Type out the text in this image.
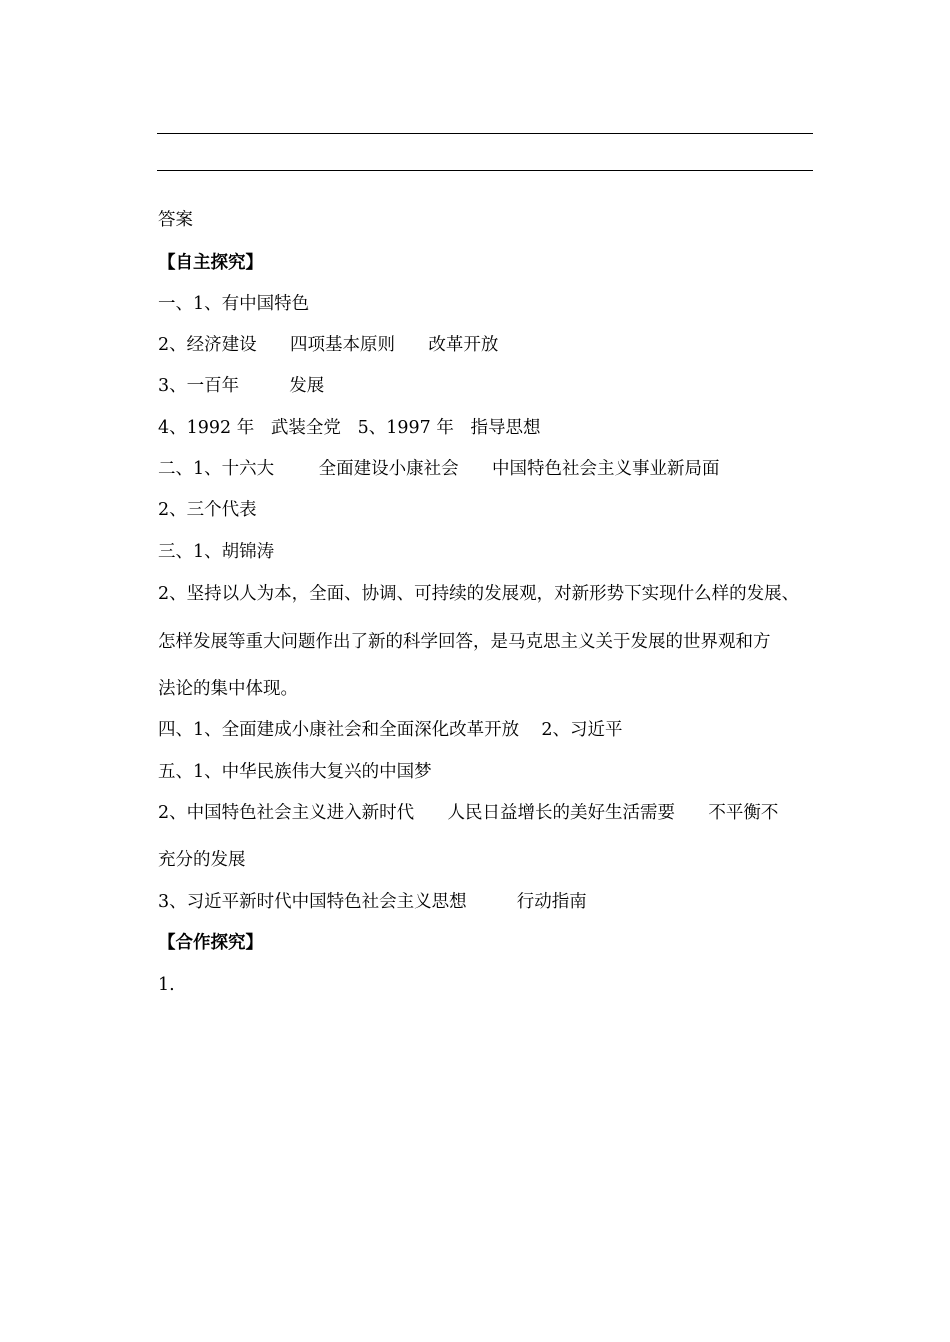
答案

【自主探究】

一、1、有中国特色

2、经济建设      四项基本原则      改革开放

3、一百年         发展

4、1992 年   武装全党   5、1997 年   指导思想

二、1、十六大        全面建设小康社会      中国特色社会主义事业新局面

2、三个代表

三、1、胡锦涛

2、坚持以人为本，全面、协调、可持续的发展观，对新形势下实现什么样的发展、

怎样发展等重大问题作出了新的科学回答，是马克思主义关于发展的世界观和方

法论的集中体现。

四、1、全面建成小康社会和全面深化改革开放    2、习近平

五、1、中华民族伟大复兴的中国梦

2、中国特色社会主义进入新时代      人民日益增长的美好生活需要      不平衡不

充分的发展

3、习近平新时代中国特色社会主义思想         行动指南

【合作探究】

1.
